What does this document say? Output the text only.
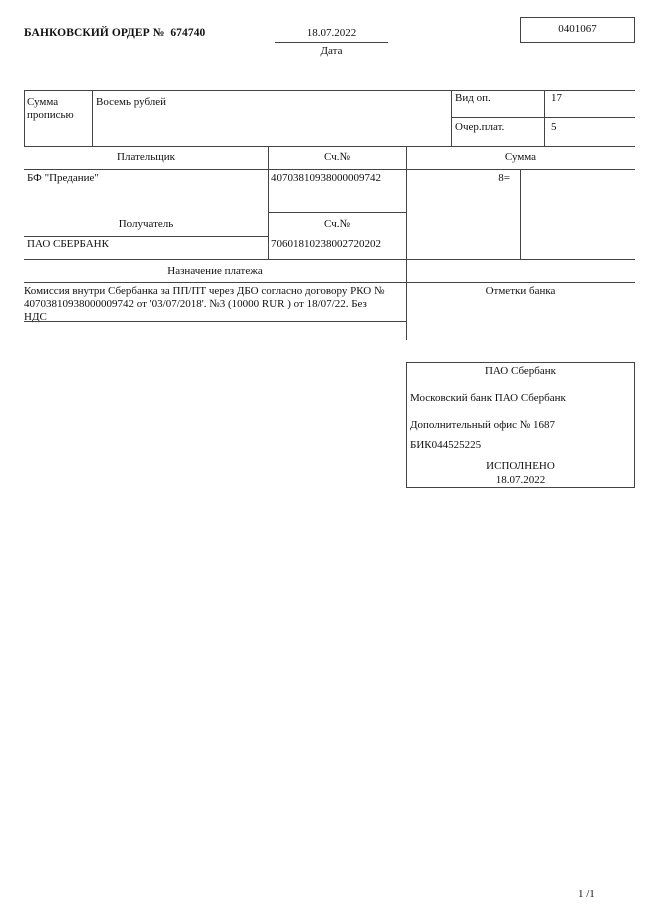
БАНКОВСКИЙ ОРДЕР № 674740	18.07.2022
Дата
0401067
Сумма прописью
Восемь рублей	Вид оп.	17
Очер.плат.	5
Плательщик	Сч.№	Сумма
БФ "Предание"	40703810938000009742	8=
Получатель	Сч.№
ПАО СБЕРБАНК	70601810238002720202
Назначение платежа
Отметки банка
Комиссия внутри Сбербанка за ПП/ПТ через ДБО согласно договору РКО №
40703810938000009742 от '03/07/2018'. №3 (10000 RUR ) от 18/07/22. Без
НДС
ПАО Сбербанк
Московский банк ПАО Сбербанк
Дополнительный офис № 1687
БИК044525225
ИСПОЛНЕНО
18.07.2022
1 /1
